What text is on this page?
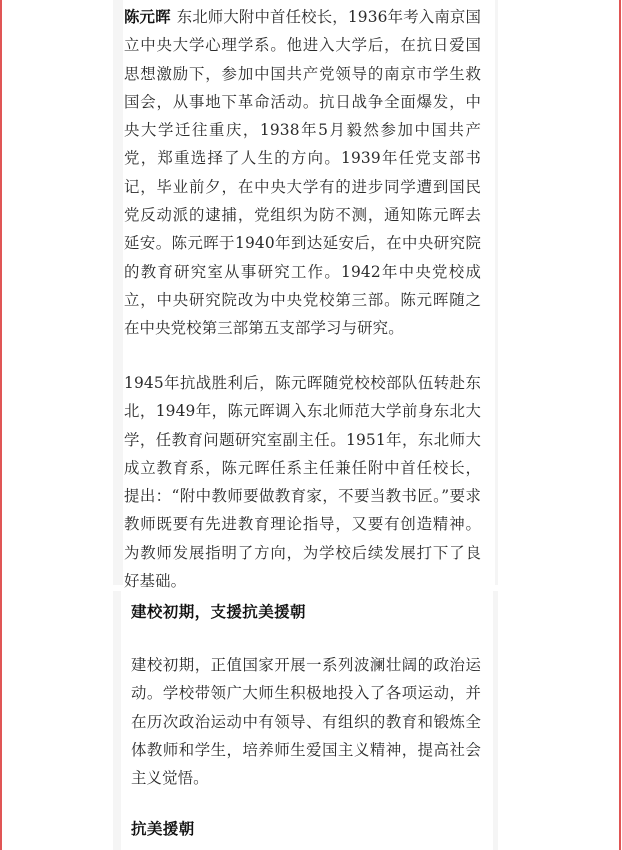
陈元晖 东北师大附中首任校长，1936年考入南京国立中央大学心理学系。他进入大学后，在抗日爱国思想激励下，参加中国共产党领导的南京市学生救国会，从事地下革命活动。抗日战争全面爆发，中央大学迁往重庆，1938年5月毅然参加中国共产党，郑重选择了人生的方向。1939年任党支部书记，毕业前夕，在中央大学有的进步同学遭到国民党反动派的逮捕，党组织为防不测，通知陈元晖去延安。陈元晖于1940年到达延安后，在中央研究院的教育研究室从事研究工作。1942年中央党校成立，中央研究院改为中央党校第三部。陈元晖随之在中央党校第三部第五支部学习与研究。

1945年抗战胜利后，陈元晖随党校校部队伍转赴东北，1949年，陈元晖调入东北师范大学前身东北大学，任教育问题研究室副主任。1951年，东北师大成立教育系，陈元晖任系主任兼任附中首任校长，提出：“附中教师要做教育家，不要当教书匠。”要求教师既要有先进教育理论指导，又要有创造精神。为教师发展指明了方向，为学校后续发展打下了良好基础。

建校初期，支援抗美援朝

建校初期，正值国家开展一系列波澜壮阔的政治运动。学校带领广大师生积极地投入了各项运动，并在历次政治运动中有领导、有组织的教育和锻炼全体教师和学生，培养师生爱国主义精神，提高社会主义觉悟。

抗美援朝
